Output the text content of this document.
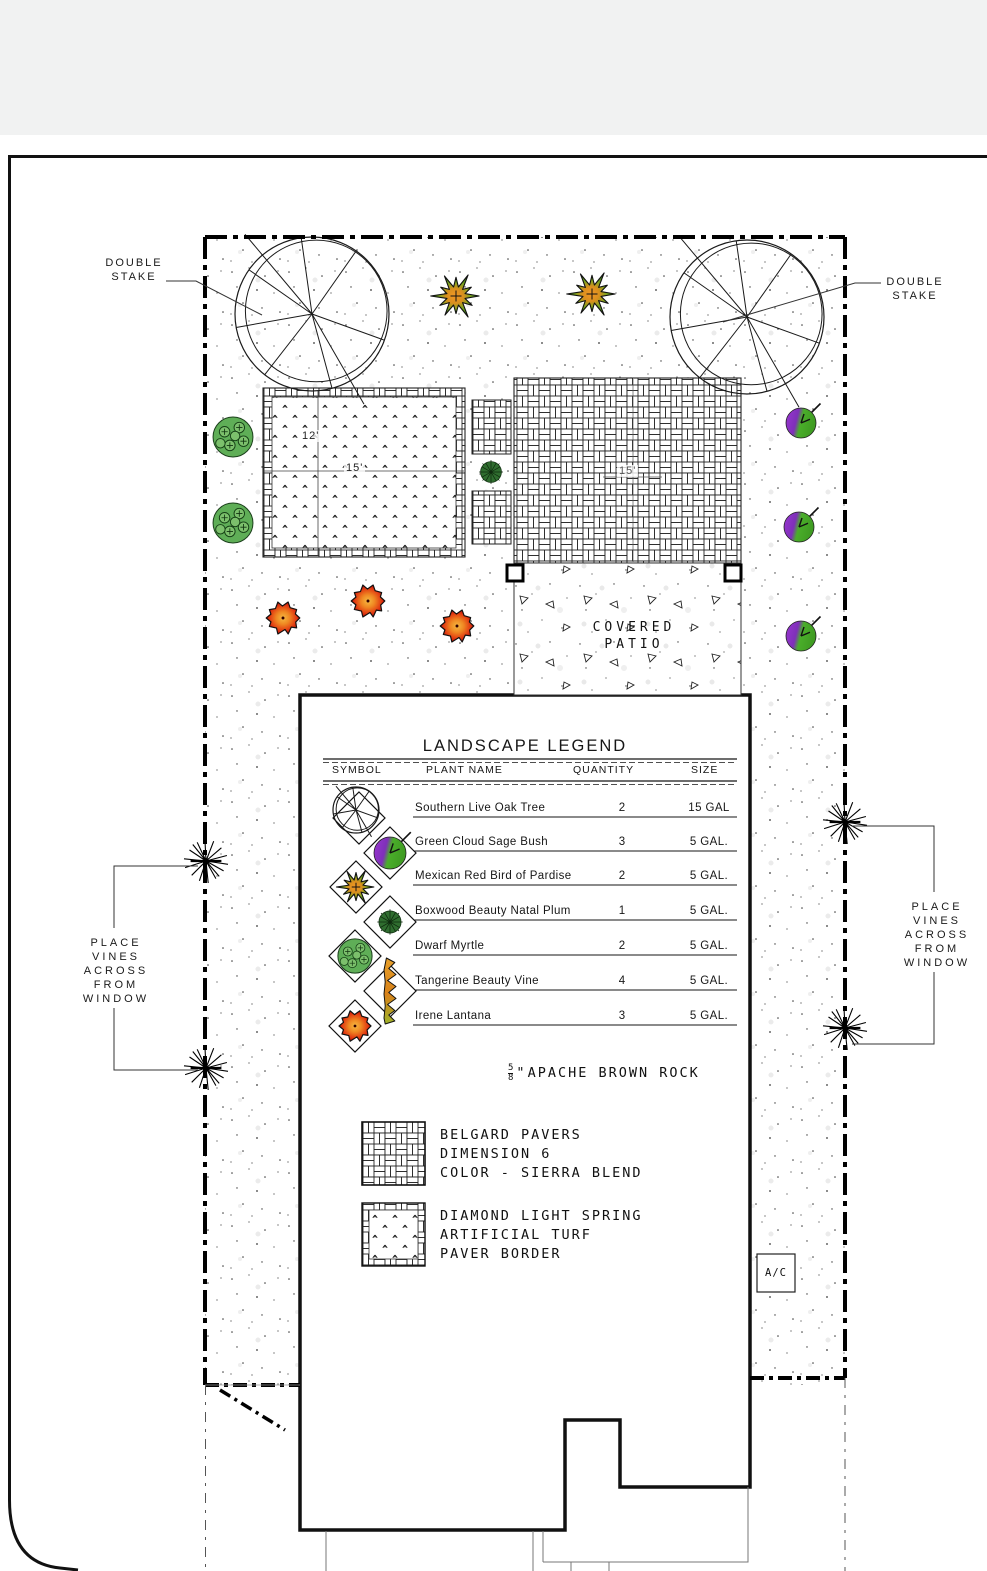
DOUBLE
STAKE	DOUBLE
STAKE
PLACE
VINES
ACROSS
FROM
WINDOW
PLACE
VINES
ACROSS
FROM
WINDOW
COVERED
PATIO
A/C
12'
15'	15'
LANDSCAPE LEGEND
SYMBOL	PLANT NAME	QUANTITY	SIZE
Southern Live Oak Tree	2	15 GAL
Green Cloud Sage Bush	3	5 GAL.
Mexican Red Bird of Pardise	2	5 GAL.
Boxwood Beauty Natal Plum	1	5 GAL.
Dwarf Myrtle	2	5 GAL.
Tangerine Beauty Vine	4	5 GAL.
Irene Lantana	3	5 GAL.
$\frac{5}{8}$ " APACHE BROWN ROCK
BELGARD PAVERS
DIMENSION 6
COLOR - SIERRA BLEND
DIAMOND LIGHT SPRING
ARTIFICIAL TURF
PAVER BORDER
